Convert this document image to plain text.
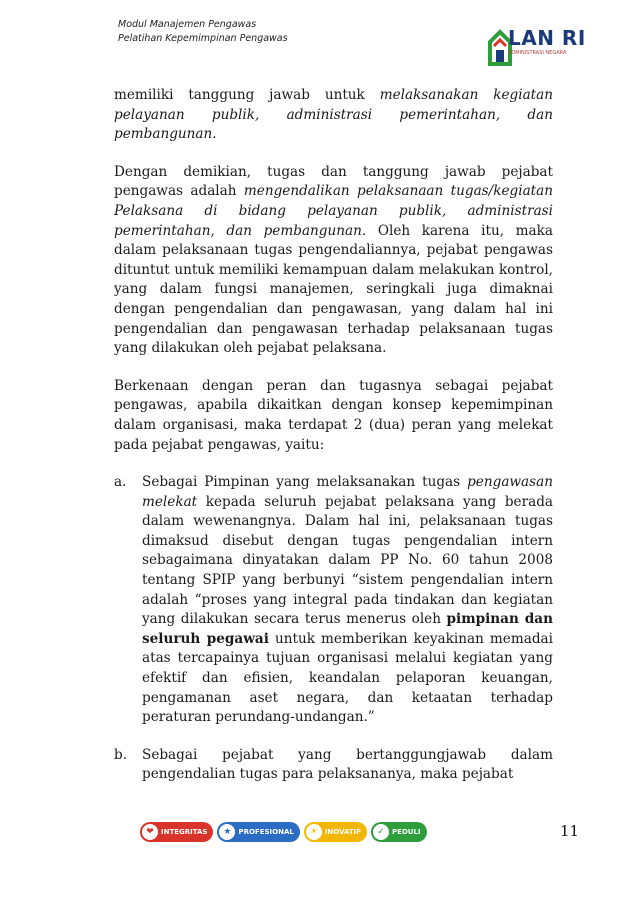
Modul Manajemen Pengawas
Pelatihan Kepemimpinan Pengawas	LAN RI
ADMINISTRASI NEGARA

memiliki tanggung jawab untuk melaksanakan kegiatan pelayanan publik, administrasi pemerintahan, dan pembangunan.

Dengan demikian, tugas dan tanggung jawab pejabat pengawas adalah mengendalikan pelaksanaan tugas/kegiatan Pelaksana di bidang pelayanan publik, administrasi pemerintahan, dan pembangunan. Oleh karena itu, maka dalam pelaksanaan tugas pengendaliannya, pejabat pengawas dituntut untuk memiliki kemampuan dalam melakukan kontrol, yang dalam fungsi manajemen, seringkali juga dimaknai dengan pengendalian dan pengawasan, yang dalam hal ini pengendalian dan pengawasan terhadap pelaksanaan tugas yang dilakukan oleh pejabat pelaksana.

Berkenaan dengan peran dan tugasnya sebagai pejabat pengawas, apabila dikaitkan dengan konsep kepemimpinan dalam organisasi, maka terdapat 2 (dua) peran yang melekat pada pejabat pengawas, yaitu:

a. Sebagai Pimpinan yang melaksanakan tugas pengawasan melekat kepada seluruh pejabat pelaksana yang berada dalam wewenangnya. Dalam hal ini, pelaksanaan tugas dimaksud disebut dengan tugas pengendalian intern sebagaimana dinyatakan dalam PP No. 60 tahun 2008 tentang SPIP yang berbunyi “sistem pengendalian intern adalah “proses yang integral pada tindakan dan kegiatan yang dilakukan secara terus menerus oleh pimpinan dan seluruh pegawai untuk memberikan keyakinan memadai atas tercapainya tujuan organisasi melalui kegiatan yang efektif dan efisien, keandalan pelaporan keuangan, pengamanan aset negara, dan ketaatan terhadap peraturan perundang-undangan.”
b. Sebagai pejabat yang bertanggungjawab dalam pengendalian tugas para pelaksananya, maka pejabat
❤	INTEGRITAS	★ PROFESIONAL	☀ INOVATIF	✓	PEDULI	11
